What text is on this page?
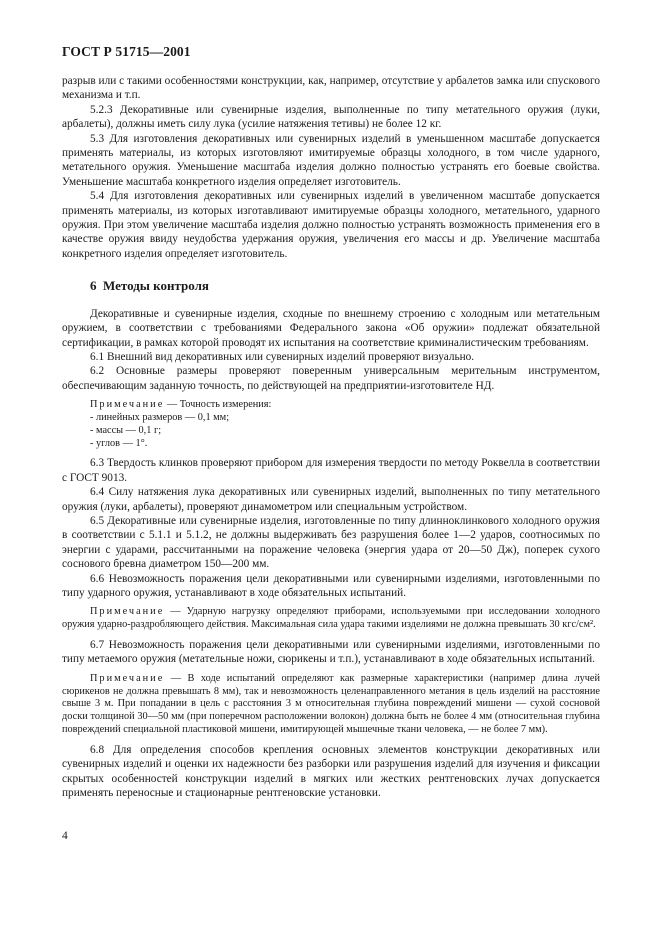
ГОСТ Р 51715—2001

разрыв или с такими особенностями конструкции, как, например, отсутствие у арбалетов замка или спускового механизма и т.п.

5.2.3 Декоративные или сувенирные изделия, выполненные по типу метательного оружия (луки, арбалеты), должны иметь силу лука (усилие натяжения тетивы) не более 12 кг.

5.3 Для изготовления декоративных или сувенирных изделий в уменьшенном масштабе допускается применять материалы, из которых изготовляют имитируемые образцы холодного, в том числе ударного, метательного оружия. Уменьшение масштаба изделия должно полностью устранять его боевые свойства. Уменьшение масштаба конкретного изделия определяет изготовитель.

5.4 Для изготовления декоративных или сувенирных изделий в увеличенном масштабе допускается применять материалы, из которых изготавливают имитируемые образцы холодного, метательного, ударного оружия. При этом увеличение масштаба изделия должно полностью устранять возможность применения его в качестве оружия ввиду неудобства удержания оружия, увеличения его массы и др. Увеличение масштаба конкретного изделия определяет изготовитель.

6 Методы контроля

Декоративные и сувенирные изделия, сходные по внешнему строению с холодным или метательным оружием, в соответствии с требованиями Федерального закона «Об оружии» подлежат обязательной сертификации, в рамках которой проводят их испытания на соответствие криминалистическим требованиям.

6.1 Внешний вид декоративных или сувенирных изделий проверяют визуально.

6.2 Основные размеры проверяют поверенным универсальным мерительным инструментом, обеспечивающим заданную точность, по действующей на предприятии-изготовителе НД.

Примечание — Точность измерения:
- линейных размеров — 0,1 мм;
- массы — 0,1 г;
- углов — 1°.

6.3 Твердость клинков проверяют прибором для измерения твердости по методу Роквелла в соответствии с ГОСТ 9013.

6.4 Силу натяжения лука декоративных или сувенирных изделий, выполненных по типу метательного оружия (луки, арбалеты), проверяют динамометром или специальным устройством.

6.5 Декоративные или сувенирные изделия, изготовленные по типу длинноклинкового холодного оружия в соответствии с 5.1.1 и 5.1.2, не должны выдерживать без разрушения более 1—2 ударов, соотносимых по энергии с ударами, рассчитанными на поражение человека (энергия удара от 20—50 Дж), поперек сухого соснового бревна диаметром 150—200 мм.

6.6 Невозможность поражения цели декоративными или сувенирными изделиями, изготовленными по типу ударного оружия, устанавливают в ходе обязательных испытаний.

Примечание — Ударную нагрузку определяют приборами, используемыми при исследовании холодного оружия ударно-раздробляющего действия. Максимальная сила удара такими изделиями не должна превышать 30 кгс/см².

6.7 Невозможность поражения цели декоративными или сувенирными изделиями, изготовленными по типу метаемого оружия (метательные ножи, сюрикены и т.п.), устанавливают в ходе обязательных испытаний.

Примечание — В ходе испытаний определяют как размерные характеристики (например длина лучей сюрикенов не должна превышать 8 мм), так и невозможность целенаправленного метания в цель изделий на расстояние свыше 3 м. При попадании в цель с расстояния 3 м относительная глубина повреждений мишени — сухой сосновой доски толщиной 30—50 мм (при поперечном расположении волокон) должна быть не более 4 мм (относительная глубина повреждений специальной пластиковой мишени, имитирующей мышечные ткани человека, — не более 7 мм).

6.8 Для определения способов крепления основных элементов конструкции декоративных или сувенирных изделий и оценки их надежности без разборки или разрушения изделий для изучения и фиксации скрытых особенностей конструкции изделий в мягких или жестких рентгеновских лучах допускается применять переносные и стационарные рентгеновские установки.

4
